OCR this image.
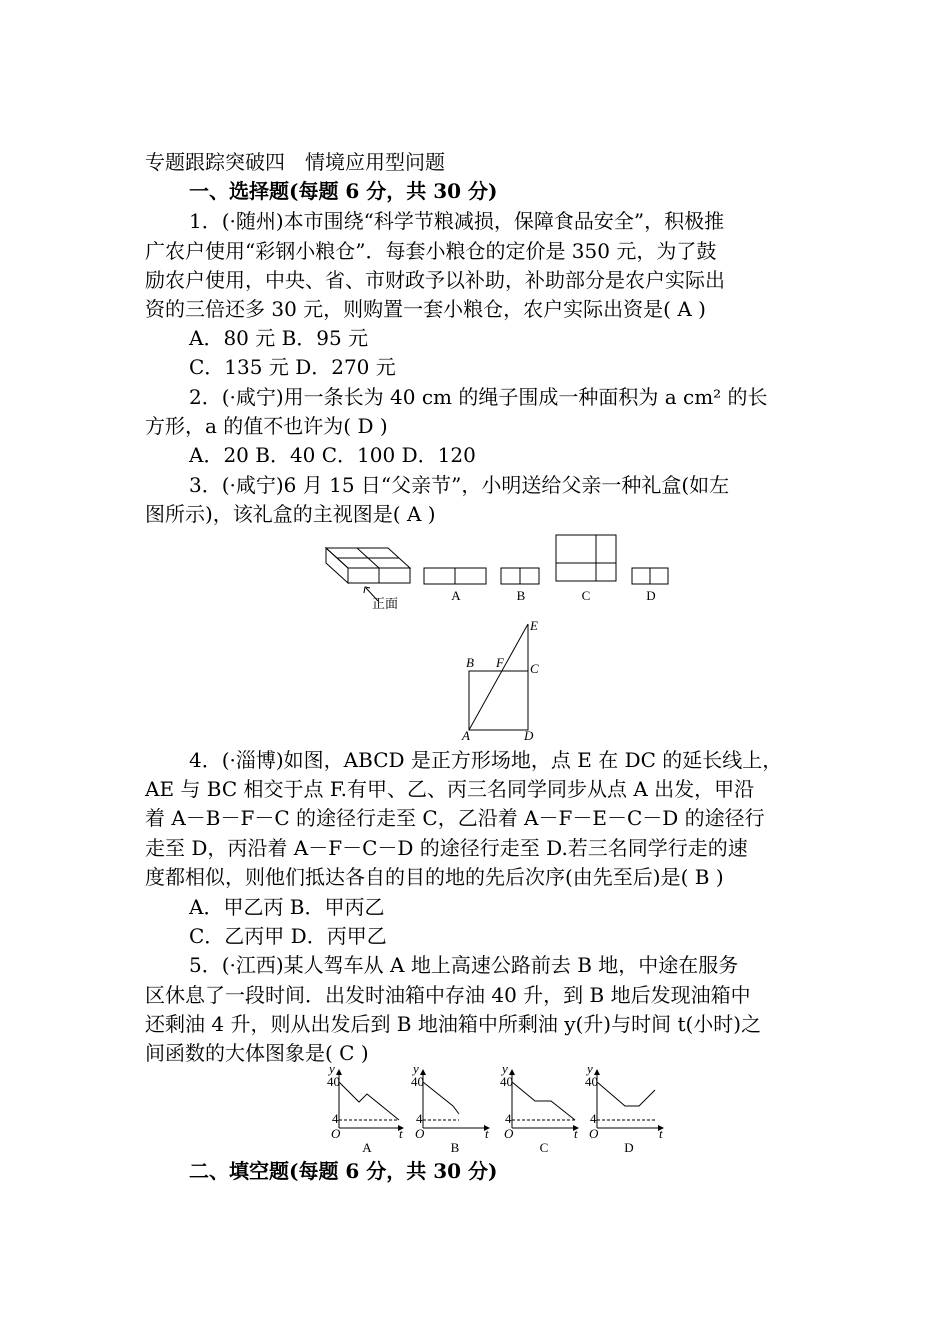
专题跟踪突破四　情境应用型问题
一、选择题(每题 6 分，共 30 分)
1．(·随州)本市围绕“科学节粮减损，保障食品安全”，积极推
广农户使用“彩钢小粮仓”．每套小粮仓的定价是 350 元，为了鼓
励农户使用，中央、省、市财政予以补助，补助部分是农户实际出
资的三倍还多 30 元，则购置一套小粮仓，农户实际出资是( A )
A．80 元 B．95 元
C．135 元 D．270 元
2．(·咸宁)用一条长为 40 cm 的绳子围成一种面积为 a cm² 的长
方形，a 的值不也许为( D )
A．20 B．40 C．100 D．120
3．(·咸宁)6 月 15 日“父亲节”，小明送给父亲一种礼盒(如左
图所示)，该礼盒的主视图是( A )
正面
A	B	C	D
E
B F C
A	D
4．(·淄博)如图，ABCD 是正方形场地，点 E 在 DC 的延长线上，
AE 与 BC 相交于点 F.有甲、乙、丙三名同学同步从点 A 出发，甲沿
着 A－B－F－C 的途径行走至 C，乙沿着 A－F－E－C－D 的途径行
走至 D，丙沿着 A－F－C－D 的途径行走至 D.若三名同学行走的速
度都相似，则他们抵达各自的目的地的先后次序(由先至后)是( B )
A．甲乙丙 B．甲丙乙
C．乙丙甲 D．丙甲乙
5．(·江西)某人驾车从 A 地上高速公路前去 B 地，中途在服务
区休息了一段时间．出发时油箱中存油 40 升，到 B 地后发现油箱中
还剩油 4 升，则从出发后到 B 地油箱中所剩油 y(升)与时间 t(小时)之
间函数的大体图象是( C )
y
t
O
y
t
O
y
t
O
y
t
O
40
4
40
4
40
4
40
4
A	B	C	D
二、填空题(每题 6 分，共 30 分)
